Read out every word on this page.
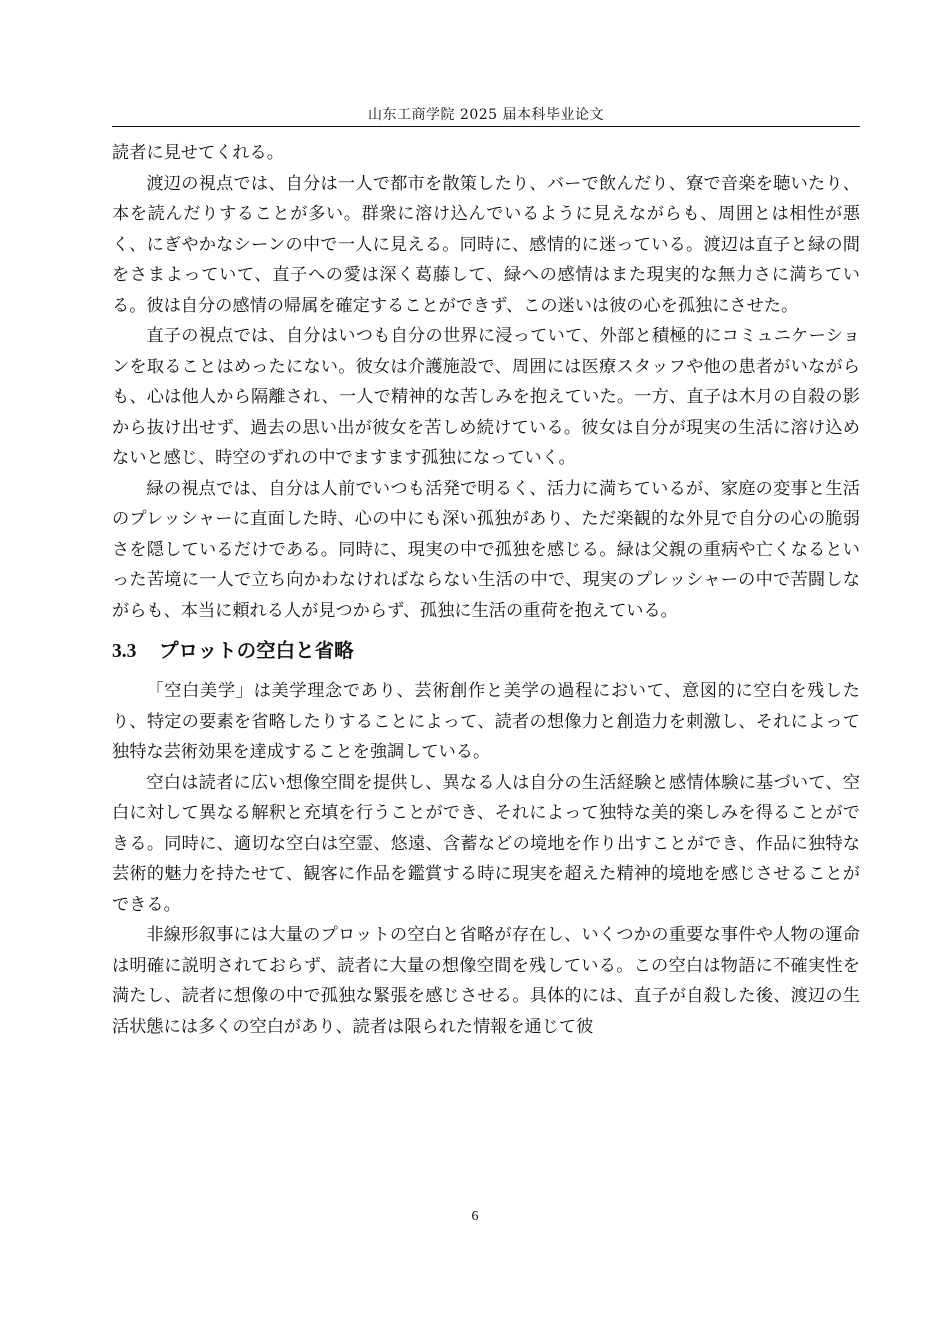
山东工商学院 2025 届本科毕业论文

読者に見せてくれる。

渡辺の視点では、自分は一人で都市を散策したり、バーで飲んだり、寮で音楽を聴いたり、本を読んだりすることが多い。群衆に溶け込んでいるように見えながらも、周囲とは相性が悪く、にぎやかなシーンの中で一人に見える。同時に、感情的に迷っている。渡辺は直子と緑の間をさまよっていて、直子への愛は深く葛藤して、緑への感情はまた現実的な無力さに満ちている。彼は自分の感情の帰属を確定することができず、この迷いは彼の心を孤独にさせた。

直子の視点では、自分はいつも自分の世界に浸っていて、外部と積極的にコミュニケーションを取ることはめったにない。彼女は介護施設で、周囲には医療スタッフや他の患者がいながらも、心は他人から隔離され、一人で精神的な苦しみを抱えていた。一方、直子は木月の自殺の影から抜け出せず、過去の思い出が彼女を苦しめ続けている。彼女は自分が現実の生活に溶け込めないと感じ、時空のずれの中でますます孤独になっていく。

緑の視点では、自分は人前でいつも活発で明るく、活力に満ちているが、家庭の変事と生活のプレッシャーに直面した時、心の中にも深い孤独があり、ただ楽観的な外見で自分の心の脆弱さを隠しているだけである。同時に、現実の中で孤独を感じる。緑は父親の重病や亡くなるといった苦境に一人で立ち向かわなければならない生活の中で、現実のプレッシャーの中で苦闘しながらも、本当に頼れる人が見つからず、孤独に生活の重荷を抱えている。

3.3	プロットの空白と省略

「空白美学」は美学理念であり、芸術創作と美学の過程において、意図的に空白を残したり、特定の要素を省略したりすることによって、読者の想像力と創造力を刺激し、それによって独特な芸術効果を達成することを強調している。

空白は読者に広い想像空間を提供し、異なる人は自分の生活経験と感情体験に基づいて、空白に対して異なる解釈と充填を行うことができ、それによって独特な美的楽しみを得ることができる。同時に、適切な空白は空霊、悠遠、含蓄などの境地を作り出すことができ、作品に独特な芸術的魅力を持たせて、観客に作品を鑑賞する時に現実を超えた精神的境地を感じさせることができる。

非線形叙事には大量のプロットの空白と省略が存在し、いくつかの重要な事件や人物の運命は明確に説明されておらず、読者に大量の想像空間を残している。この空白は物語に不確実性を満たし、読者に想像の中で孤独な緊張を感じさせる。具体的には、直子が自殺した後、渡辺の生活状態には多くの空白があり、読者は限られた情報を通じて彼

6
